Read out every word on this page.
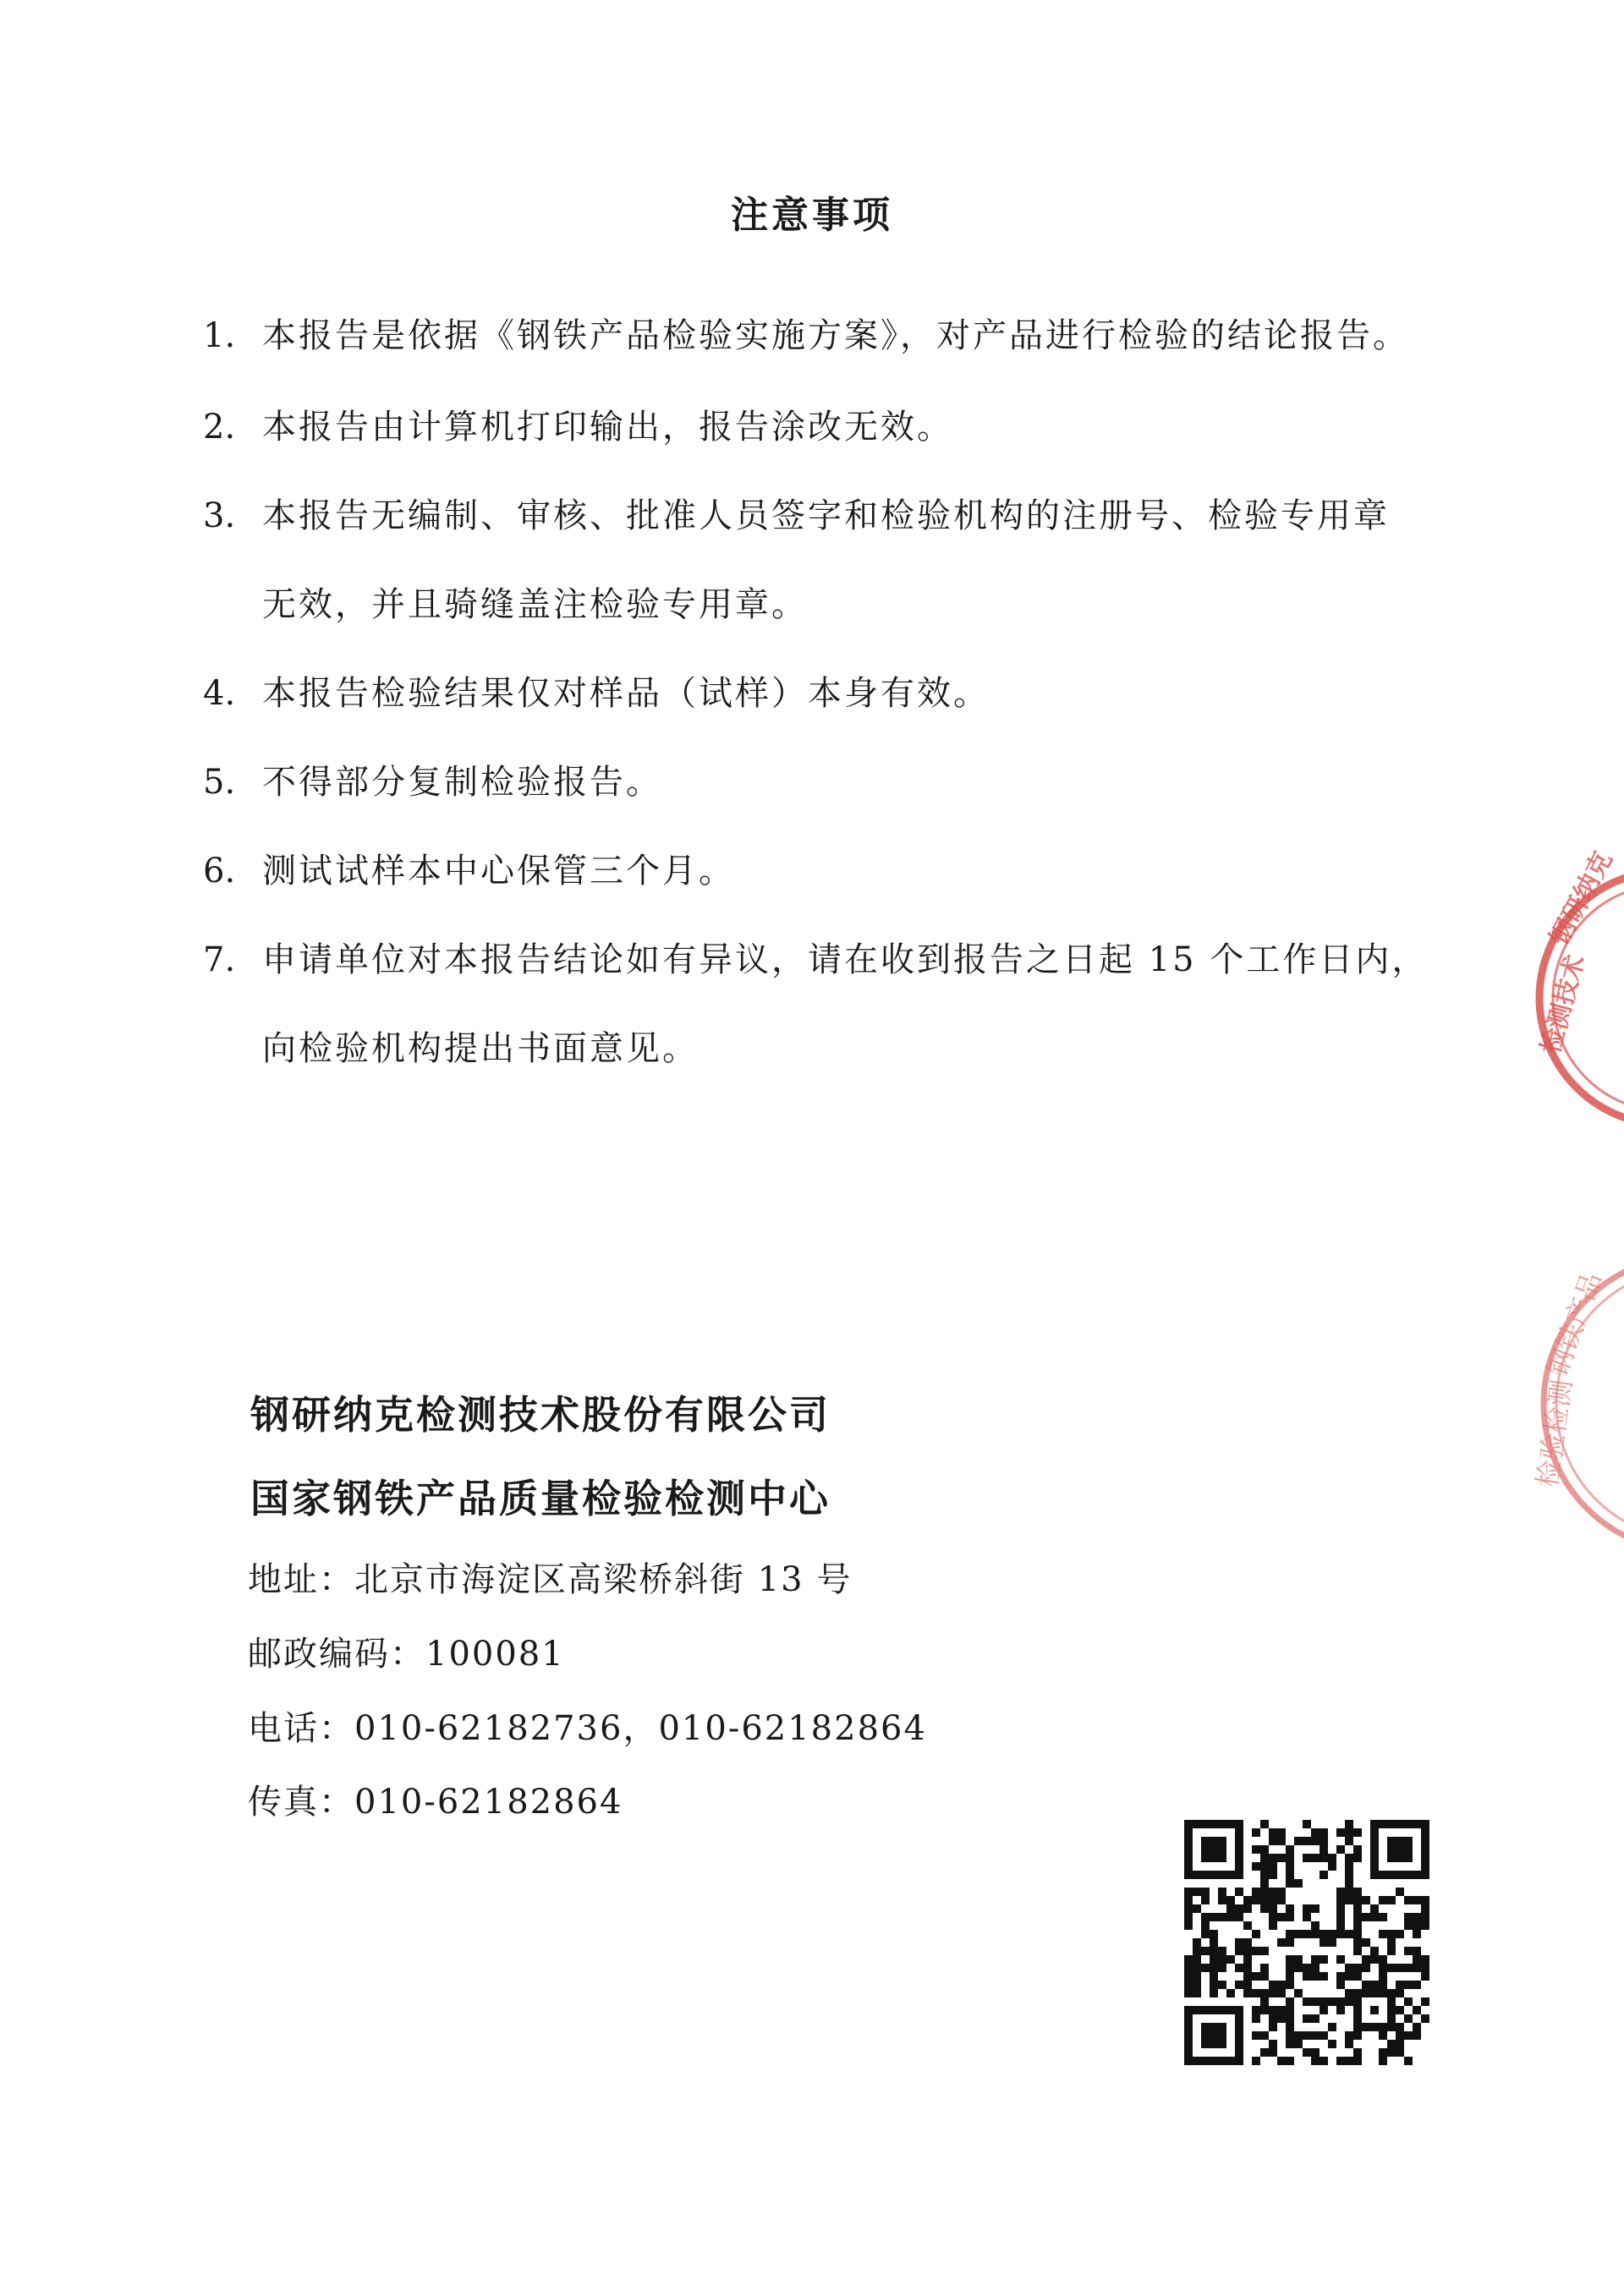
注意事项
1. 本报告是依据《钢铁产品检验实施方案》，对产品进行检验的结论报告。
2. 本报告由计算机打印输出，报告涂改无效。
3. 本报告无编制、审核、批准人员签字和检验机构的注册号、检验专用章
无效，并且骑缝盖注检验专用章。
4. 本报告检验结果仅对样品（试样）本身有效。
5. 不得部分复制检验报告。
6. 测试试样本中心保管三个月。
7. 申请单位对本报告结论如有异议，请在收到报告之日起 15 个工作日内，
向检验机构提出书面意见。
钢研纳克检测技术股份有限公司
国家钢铁产品质量检验检测中心
地址：北京市海淀区高梁桥斜街 13 号
邮政编码：100081
电话：010-62182736，010-62182864
传真：010-62182864
钢研纳克
检测技术
钢铁产品
检验检测
